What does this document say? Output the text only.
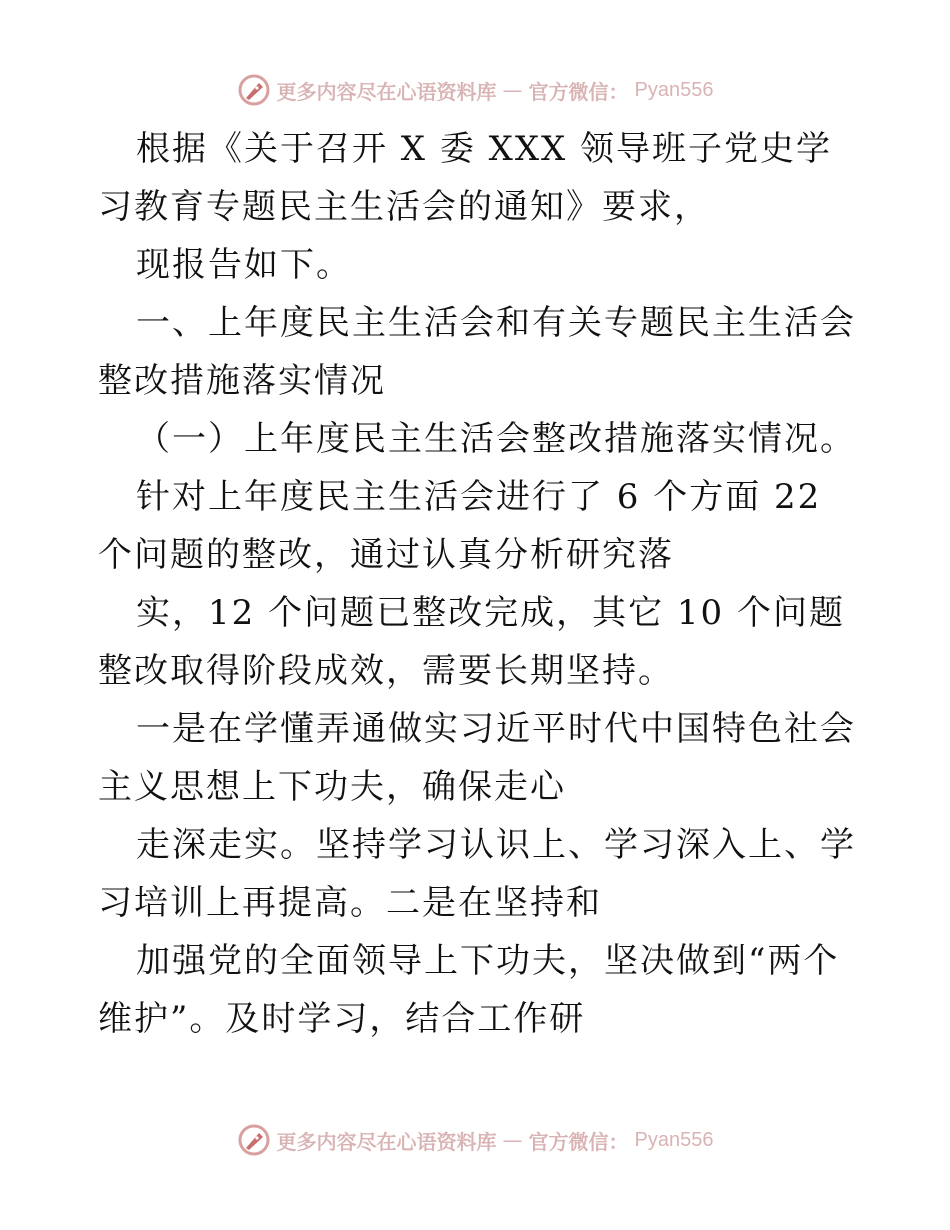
更多内容尽在心语资料库 — 官方微信： Pyan556

根据《关于召开 X 委 XXX 领导班子党史学习教育专题民主生活会的通知》要求，

现报告如下。

一、上年度民主生活会和有关专题民主生活会整改措施落实情况

（一）上年度民主生活会整改措施落实情况。

针对上年度民主生活会进行了 6 个方面 22 个问题的整改，通过认真分析研究落

实，12 个问题已整改完成，其它 10 个问题整改取得阶段成效，需要长期坚持。

一是在学懂弄通做实习近平时代中国特色社会主义思想上下功夫，确保走心

走深走实。坚持学习认识上、学习深入上、学习培训上再提高。二是在坚持和

加强党的全面领导上下功夫，坚决做到“两个维护”。及时学习，结合工作研

更多内容尽在心语资料库 — 官方微信： Pyan556
